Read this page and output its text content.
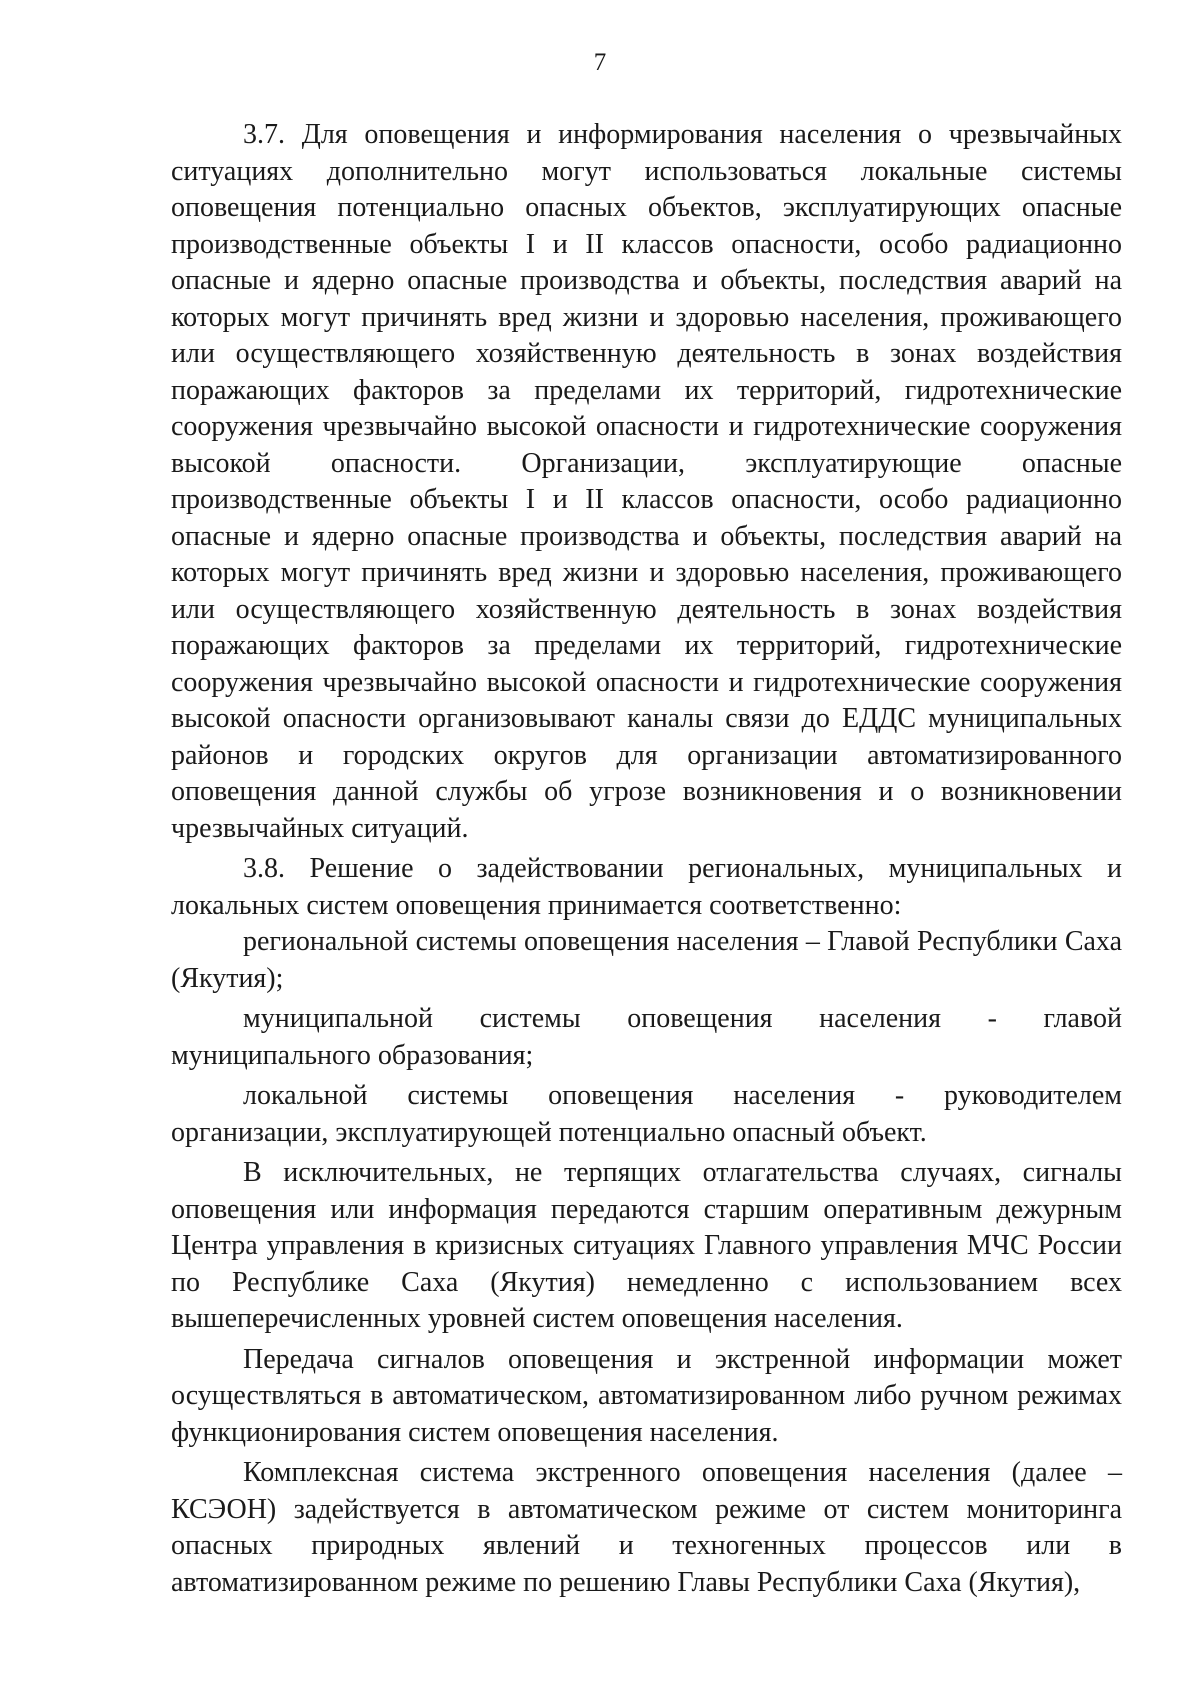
7

3.7. Для оповещения и информирования населения о чрезвычайных ситуациях дополнительно могут использоваться локальные системы оповещения потенциально опасных объектов, эксплуатирующих опасные производственные объекты I и II классов опасности, особо радиационно опасные и ядерно опасные производства и объекты, последствия аварий на которых могут причинять вред жизни и здоровью населения, проживающего или осуществляющего хозяйственную деятельность в зонах воздействия поражающих факторов за пределами их территорий, гидротехнические сооружения чрезвычайно высокой опасности и гидротехнические сооружения высокой опасности. Организации, эксплуатирующие опасные производственные объекты I и II классов опасности, особо радиационно опасные и ядерно опасные производства и объекты, последствия аварий на которых могут причинять вред жизни и здоровью населения, проживающего или осуществляющего хозяйственную деятельность в зонах воздействия поражающих факторов за пределами их территорий, гидротехнические сооружения чрезвычайно высокой опасности и гидротехнические сооружения высокой опасности организовывают каналы связи до ЕДДС муниципальных районов и городских округов для организации автоматизированного оповещения данной службы об угрозе возникновения и о возникновении чрезвычайных ситуаций.

3.8. Решение о задействовании региональных, муниципальных и локальных систем оповещения принимается соответственно:

региональной системы оповещения населения – Главой Республики Саха (Якутия);

муниципальной системы оповещения населения - главой муниципального образования;

локальной системы оповещения населения - руководителем организации, эксплуатирующей потенциально опасный объект.

В исключительных, не терпящих отлагательства случаях, сигналы оповещения или информация передаются старшим оперативным дежурным Центра управления в кризисных ситуациях Главного управления МЧС России по Республике Саха (Якутия) немедленно с использованием всех вышеперечисленных уровней систем оповещения населения.

Передача сигналов оповещения и экстренной информации может осуществляться в автоматическом, автоматизированном либо ручном режимах функционирования систем оповещения населения.

Комплексная система экстренного оповещения населения (далее – КСЭОН) задействуется в автоматическом режиме от систем мониторинга опасных природных явлений и техногенных процессов или в автоматизированном режиме по решению Главы Республики Саха (Якутия),
